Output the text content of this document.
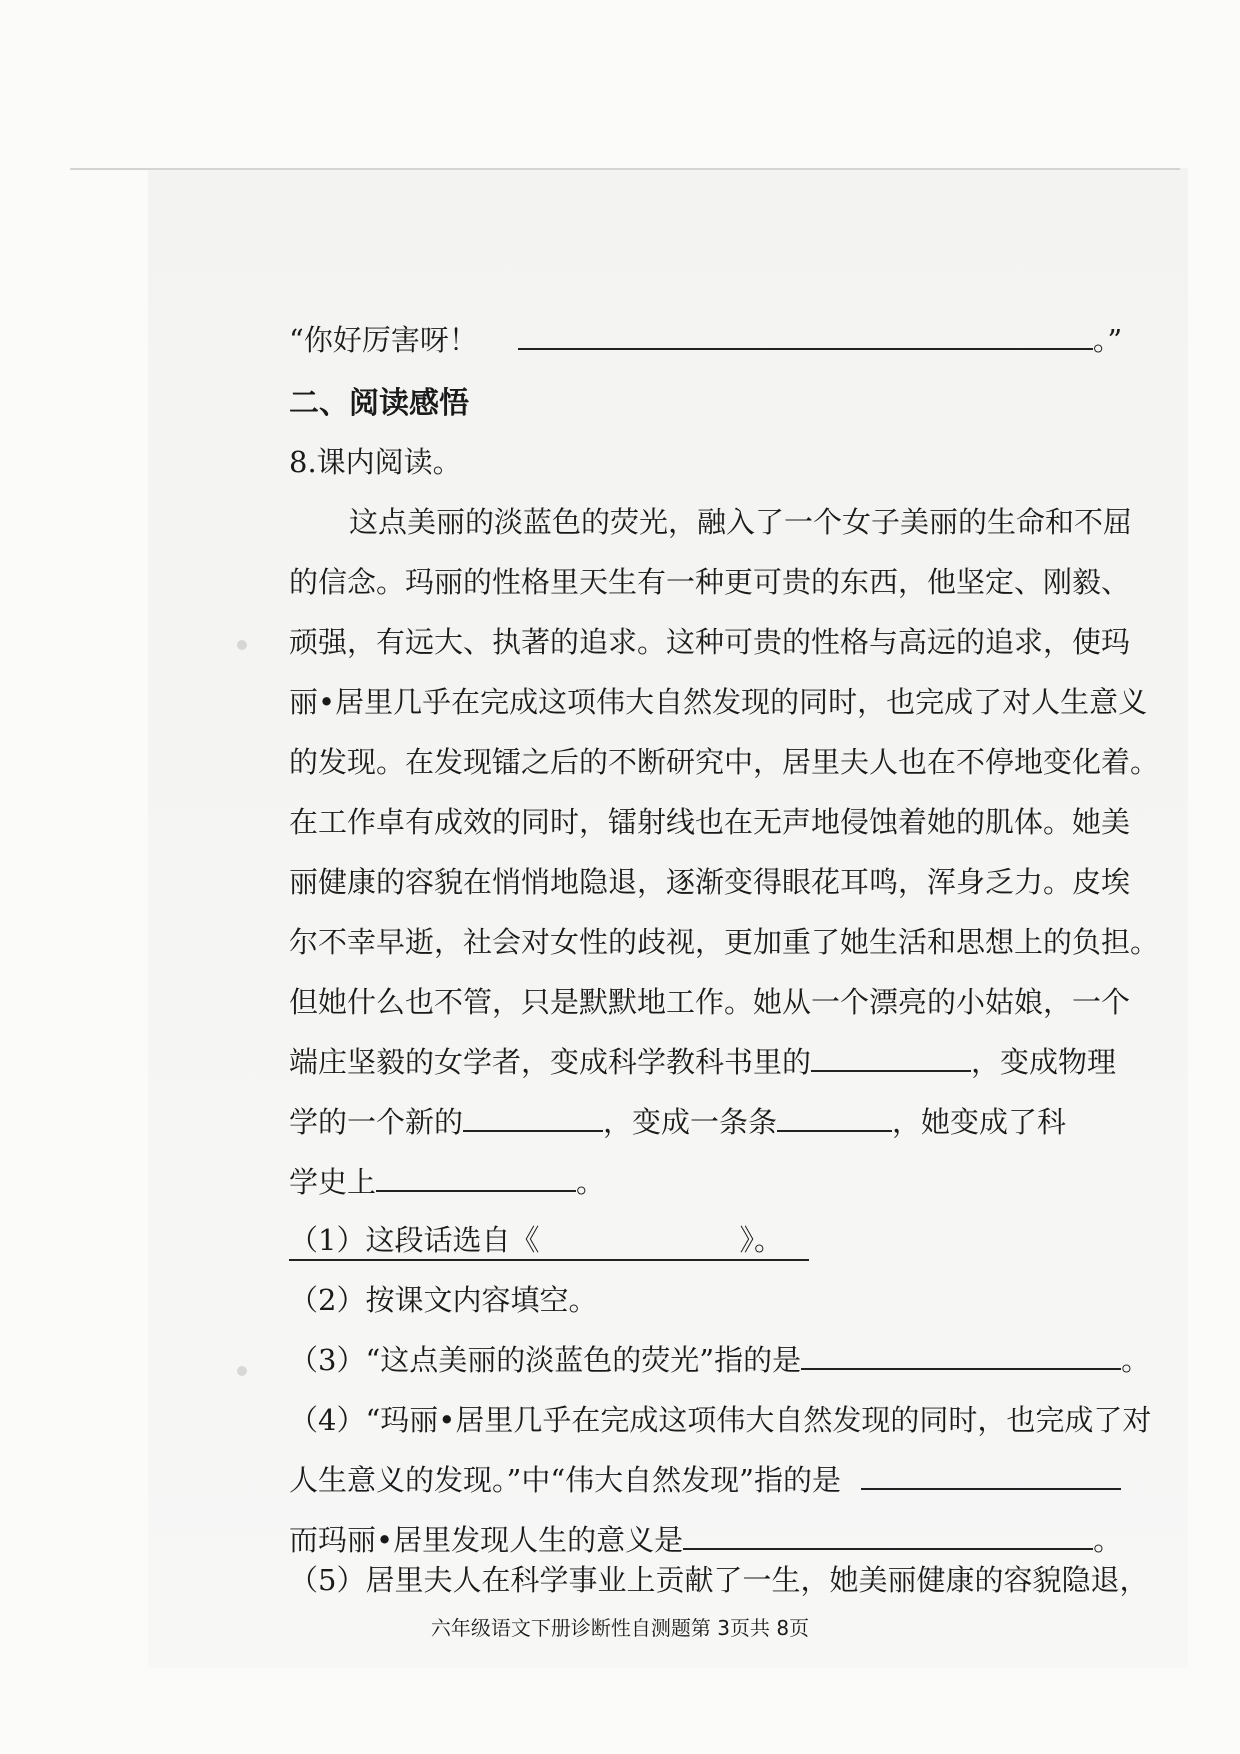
“你好厉害呀！	。”
二、阅读感悟
8.课内阅读。
这点美丽的淡蓝色的荧光，融入了一个女子美丽的生命和不屈
的信念。玛丽的性格里天生有一种更可贵的东西，他坚定、刚毅、
顽强，有远大、执著的追求。这种可贵的性格与高远的追求，使玛
丽•居里几乎在完成这项伟大自然发现的同时，也完成了对人生意义
的发现。在发现镭之后的不断研究中，居里夫人也在不停地变化着。
在工作卓有成效的同时，镭射线也在无声地侵蚀着她的肌体。她美
丽健康的容貌在悄悄地隐退，逐渐变得眼花耳鸣，浑身乏力。皮埃
尔不幸早逝，社会对女性的歧视，更加重了她生活和思想上的负担。
但她什么也不管，只是默默地工作。她从一个漂亮的小姑娘，一个
端庄坚毅的女学者，变成科学教科书里的	，变成物理
学的一个新的	，变成一条条	，她变成了科
学史上	。
（1）这段话选自《	》。
（2）按课文内容填空。
（3）“这点美丽的淡蓝色的荧光”指的是	。
（4）“玛丽•居里几乎在完成这项伟大自然发现的同时，也完成了对
人生意义的发现。”中“伟大自然发现”指的是
而玛丽•居里发现人生的意义是	。
（5）居里夫人在科学事业上贡献了一生，她美丽健康的容貌隐退，
六年级语文下册诊断性自测题第 3页共 8页
